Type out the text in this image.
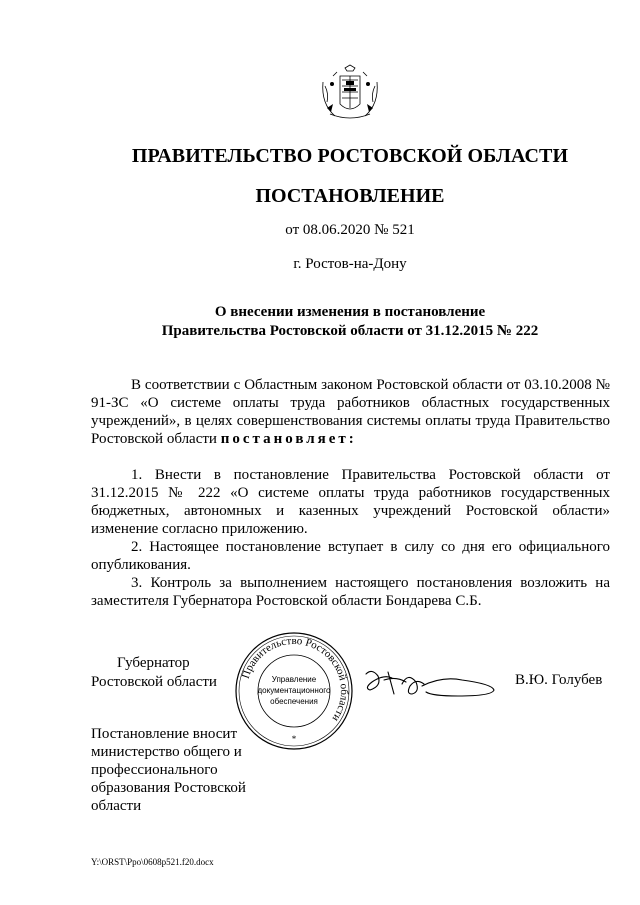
ПРАВИТЕЛЬСТВО РОСТОВСКОЙ ОБЛАСТИ
ПОСТАНОВЛЕНИЕ
от 08.06.2020 № 521
г. Ростов-на-Дону
О внесении изменения в постановление
Правительства Ростовской области от 31.12.2015 № 222

В соответствии с Областным законом Ростовской области от 03.10.2008 № 91-ЗС «О системе оплаты труда работников областных государственных учреждений», в целях совершенствования системы оплаты труда Правительство Ростовской области постановляет:

1. Внести в постановление Правительства Ростовской области от 31.12.2015 № 222 «О системе оплаты труда работников государственных бюджетных, автономных и казенных учреждений Ростовской области» изменение согласно приложению.

2. Настоящее постановление вступает в силу со дня его официального опубликования.

3. Контроль за выполнением настоящего постановления возложить на заместителя Губернатора Ростовской области Бондарева С.Б.

Губернатор
Ростовской области Правительство Ростовской области
Управление
документационного
обеспечения
*
В.Ю. Голубев
Постановление вносит министерство общего и профессионального образования Ростовской области
Y:\ORST\Ppo\0608p521.f20.docx
